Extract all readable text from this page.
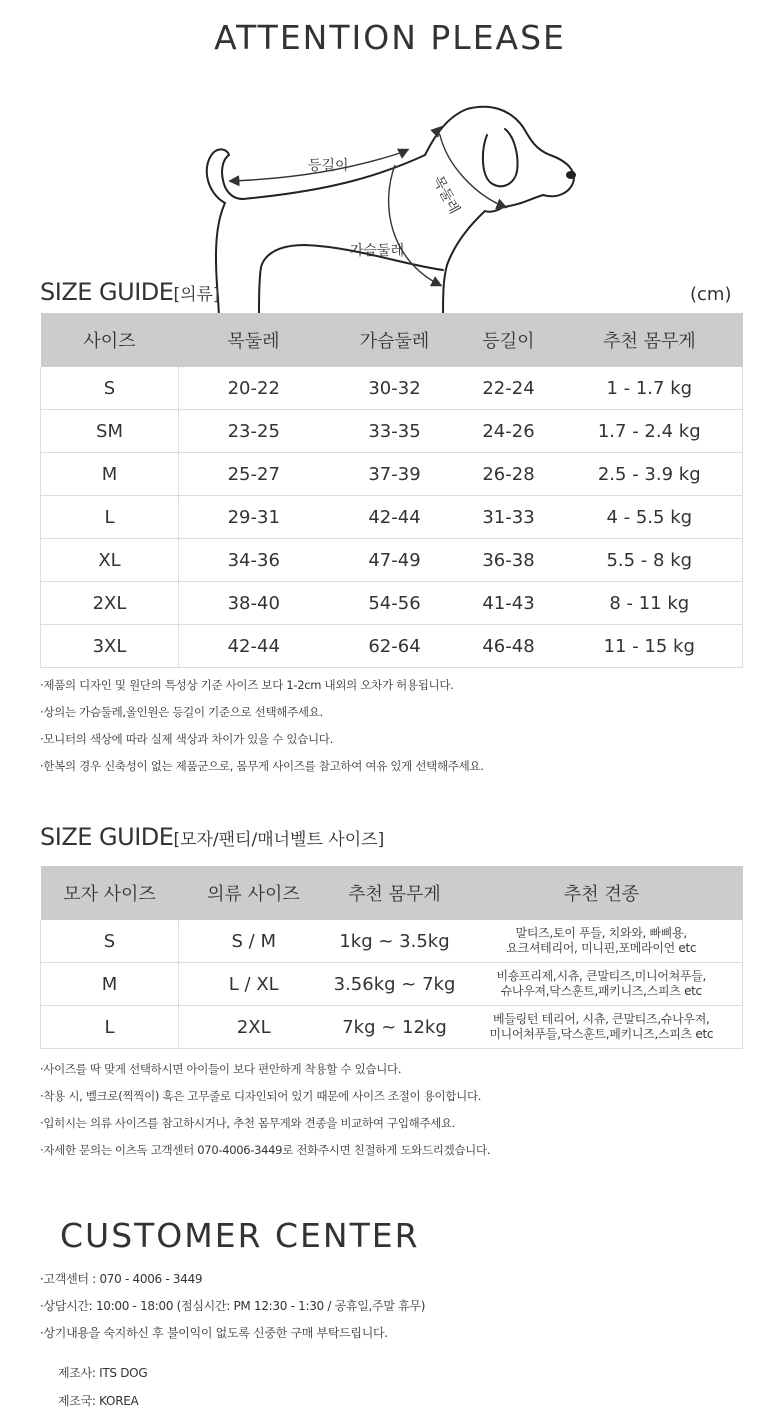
ATTENTION PLEASE
등길이
목둘레
가슴둘레
SIZE GUIDE[의류]	(cm)
사이즈	목둘레	가슴둘레	등길이	추천 몸무게
S	20-22	30-32	22-24	1 - 1.7 kg
SM	23-25	33-35	24-26	1.7 - 2.4 kg
M	25-27	37-39	26-28	2.5 - 3.9 kg
L	29-31	42-44	31-33	4 - 5.5 kg
XL	34-36	47-49	36-38	5.5 - 8 kg
2XL	38-40	54-56	41-43	8 - 11 kg
3XL	42-44	62-64	46-48	11 - 15 kg
·제품의 디자인 및 원단의 특성상 기준 사이즈 보다 1-2cm 내외의 오차가 허용됩니다.
·상의는 가슴둘레,올인원은 등길이 기준으로 선택해주세요.
·모니터의 색상에 따라 실제 색상과 차이가 있을 수 있습니다.
·한복의 경우 신축성이 없는 제품군으로, 몸무게 사이즈를 참고하여 여유 있게 선택해주세요.
SIZE GUIDE[모자/팬티/매너벨트 사이즈]
모자 사이즈	의류 사이즈	추천 몸무게	추천 견종
S	S / M	1kg ~ 3.5kg	말티즈,토이 푸들, 치와와, 빠삐용,
요크셔테리어, 미니핀,포메라이언 etc

M	L / XL	3.56kg ~ 7kg	비숑프리제,시츄, 큰말티즈,미니어쳐푸들,
슈나우져,닥스훈트,패키니즈,스피츠 etc

L	2XL	7kg ~ 12kg	베들링턴 테리어, 시츄, 큰말티즈,슈나우져,
미니어쳐푸들,닥스훈트,페키니즈,스피츠 etc
·사이즈를 딱 맞게 선택하시면 아이들이 보다 편안하게 착용할 수 있습니다.
·착용 시, 벨크로(찍찍이) 혹은 고무줄로 디자인되어 있기 때문에 사이즈 조절이 용이합니다.
·입히시는 의류 사이즈를 참고하시거나, 추천 몸무게와 견종을 비교하여 구입해주세요.
·자세한 문의는 이츠독 고객센터 070-4006-3449로 전화주시면 친절하게 도와드리겠습니다.
CUSTOMER CENTER
·고객센터 : 070 - 4006 - 3449
·상담시간: 10:00 - 18:00 (점심시간: PM 12:30 - 1:30 / 공휴일,주말 휴무)
·상기내용을 숙지하신 후 불이익이 없도록 신중한 구매 부탁드립니다.
제조사: ITS DOG
제조국: KOREA
